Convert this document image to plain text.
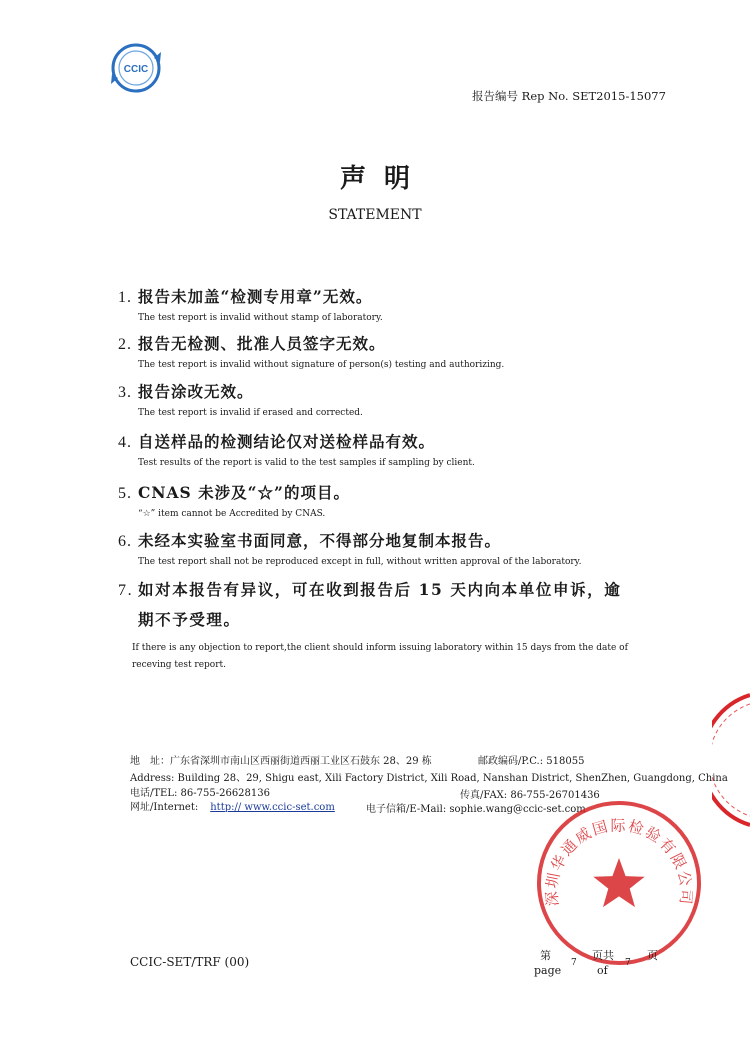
CCIC
报告编号 Rep No. SET2015-15077
声明
STATEMENT
1. 报告未加盖“检测专用章”无效。
The test report is invalid without stamp of laboratory.
2. 报告无检测、批准人员签字无效。
The test report is invalid without signature of person(s) testing and authorizing.
3. 报告涂改无效。
The test report is invalid if erased and corrected.
4. 自送样品的检测结论仅对送检样品有效。
Test results of the report is valid to the test samples if sampling by client.
5. CNAS 未涉及“☆”的项目。
“☆” item cannot be Accredited by CNAS.
6. 未经本实验室书面同意，不得部分地复制本报告。
The test report shall not be reproduced except in full, without written approval of the laboratory.
7. 如对本报告有异议，可在收到报告后 15 天内向本单位申诉，逾
期不予受理。
If there is any objection to report,the client should inform issuing laboratory within 15 days from the date of receving test report.
地　址：广东省深圳市南山区西丽街道西丽工业区石鼓东 28、29 栋	邮政编码/P.C.: 518055
Address: Building 28、29, Shigu east, Xili Factory District, Xili Road, Nanshan District, ShenZhen, Guangdong, China
电话/TEL: 86-755-26628136	传真/FAX: 86-755-26701436
网址/Internet: http:// www.ccic-set.com	电子信箱/E-Mail: sophie.wang@ccic-set.com
深圳华通威国际检验有限公司
CCIC-SET/TRF (00)	第
page
7
页共
of
7
页
